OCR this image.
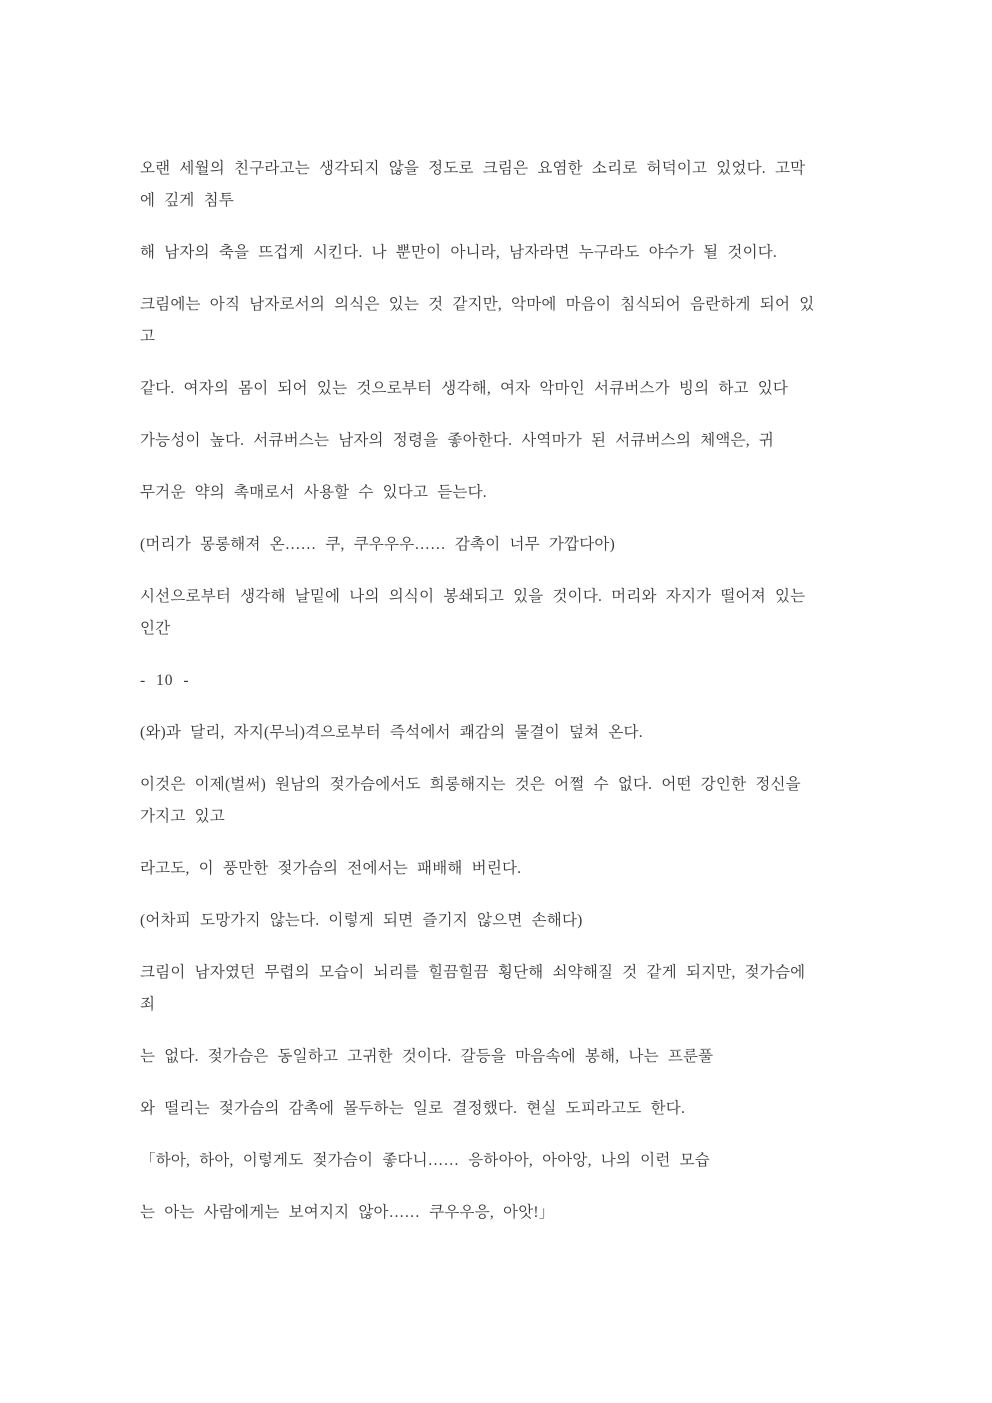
오랜 세월의 친구라고는 생각되지 않을 정도로 크림은 요염한 소리로 허덕이고 있었다. 고막
에 깊게 침투

해 남자의 축을 뜨겁게 시킨다. 나 뿐만이 아니라, 남자라면 누구라도 야수가 될 것이다.

크림에는 아직 남자로서의 의식은 있는 것 같지만, 악마에 마음이 침식되어 음란하게 되어 있
고

같다. 여자의 몸이 되어 있는 것으로부터 생각해, 여자 악마인 서큐버스가 빙의 하고 있다

가능성이 높다. 서큐버스는 남자의 정령을 좋아한다. 사역마가 된 서큐버스의 체액은, 귀

무거운 약의 촉매로서 사용할 수 있다고 듣는다.

(머리가 몽롱해져 온…… 쿠, 쿠우우우…… 감촉이 너무 가깝다아)

시선으로부터 생각해 날밑에 나의 의식이 봉쇄되고 있을 것이다. 머리와 자지가 떨어져 있는
인간

- 10 -

(와)과 달리, 자지(무늬)격으로부터 즉석에서 쾌감의 물결이 덮쳐 온다.

이것은 이제(벌써) 원남의 젖가슴에서도 희롱해지는 것은 어쩔 수 없다. 어떤 강인한 정신을
가지고 있고

라고도, 이 풍만한 젖가슴의 전에서는 패배해 버린다.

(어차피 도망가지 않는다. 이렇게 되면 즐기지 않으면 손해다)

크림이 남자였던 무렵의 모습이 뇌리를 힐끔힐끔 횡단해 쇠약해질 것 같게 되지만, 젖가슴에
죄

는 없다. 젖가슴은 동일하고 고귀한 것이다. 갈등을 마음속에 봉해, 나는 프룬풀

와 떨리는 젖가슴의 감촉에 몰두하는 일로 결정했다. 현실 도피라고도 한다.

「하아, 하아, 이렇게도 젖가슴이 좋다니…… 응하아아, 아아앙, 나의 이런 모습

는 아는 사람에게는 보여지지 않아…… 쿠우우응, 아앗!」
